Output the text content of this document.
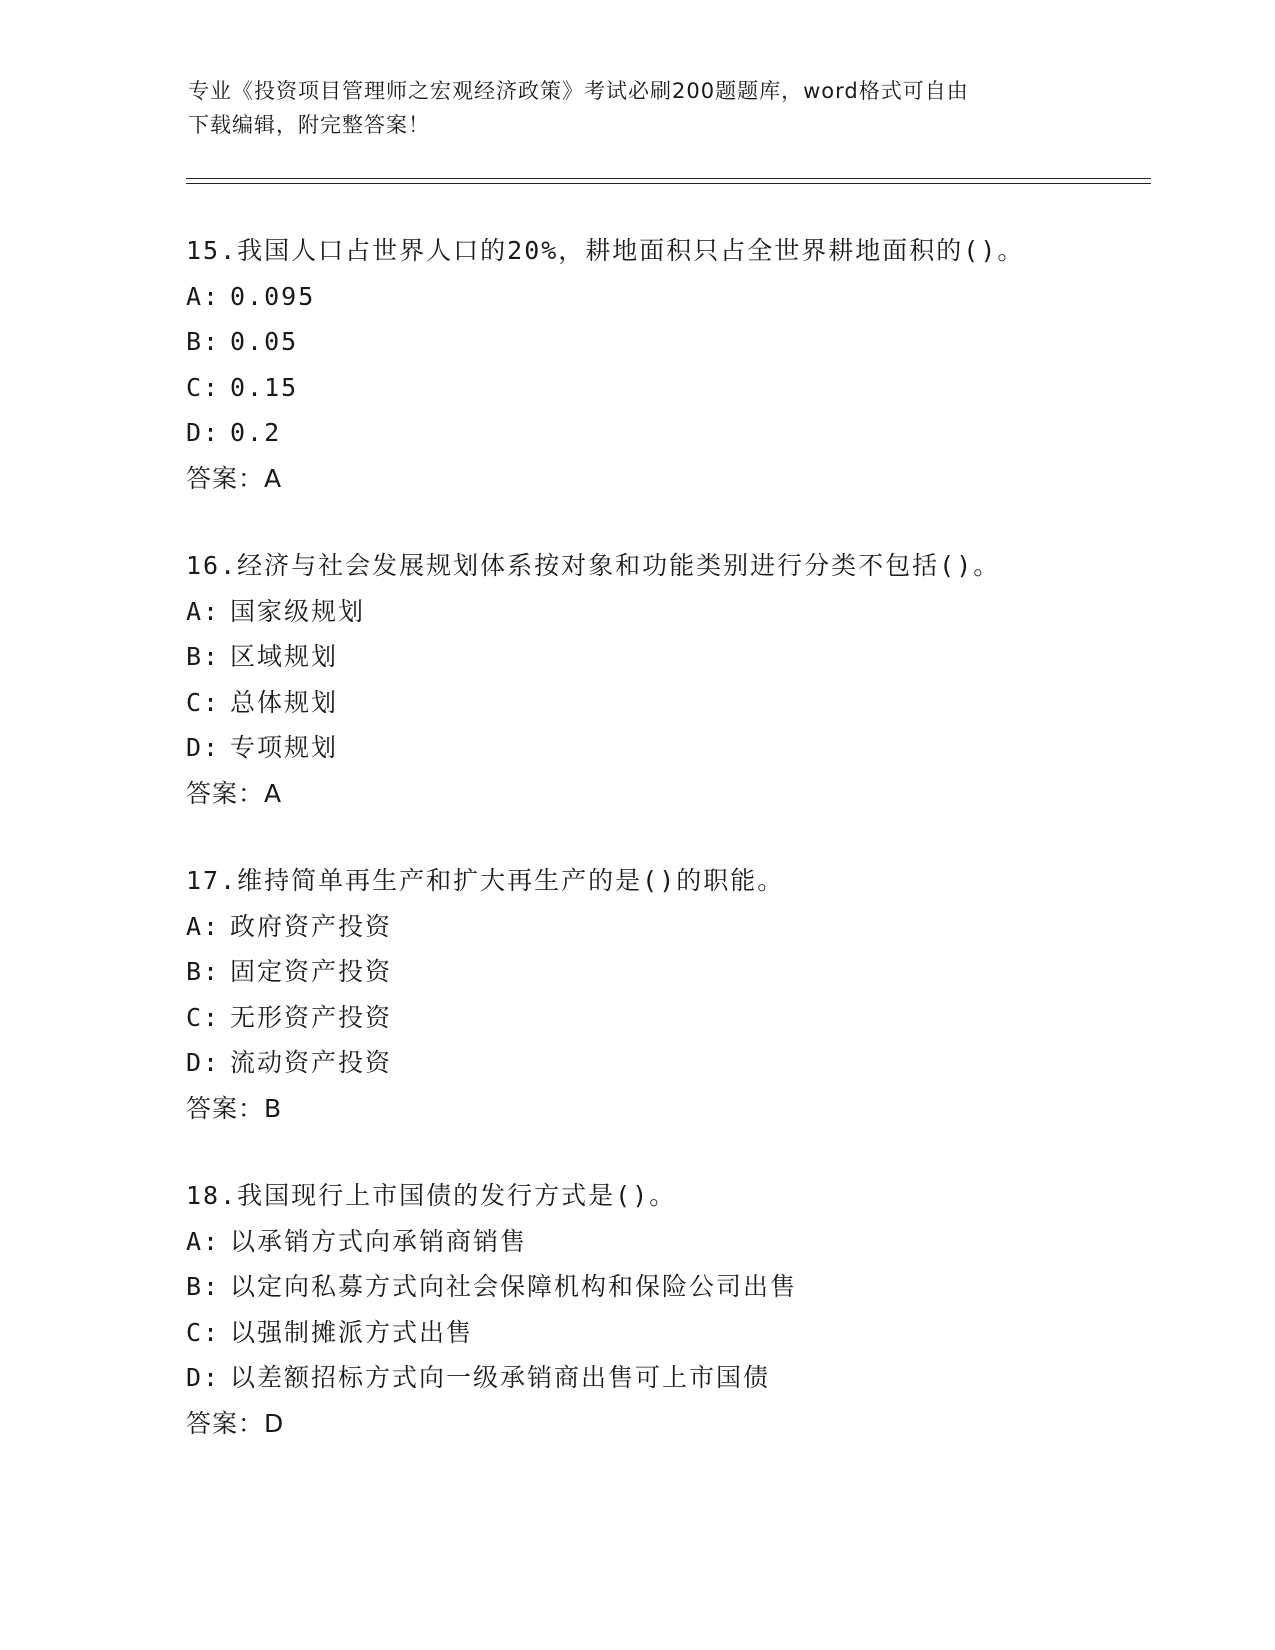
专业《投资项目管理师之宏观经济政策》考试必刷200题题库，word格式可自由
下载编辑，附完整答案！
15.我国人口占世界人口的20%，耕地面积只占全世界耕地面积的()。
A: 0.095
B: 0.05
C: 0.15
D: 0.2
答案：A
16.经济与社会发展规划体系按对象和功能类别进行分类不包括()。
A: 国家级规划
B: 区域规划
C: 总体规划
D: 专项规划
答案：A
17.维持简单再生产和扩大再生产的是()的职能。
A: 政府资产投资
B: 固定资产投资
C: 无形资产投资
D: 流动资产投资
答案：B
18.我国现行上市国债的发行方式是()。
A: 以承销方式向承销商销售
B: 以定向私募方式向社会保障机构和保险公司出售
C: 以强制摊派方式出售
D: 以差额招标方式向一级承销商出售可上市国债
答案：D
